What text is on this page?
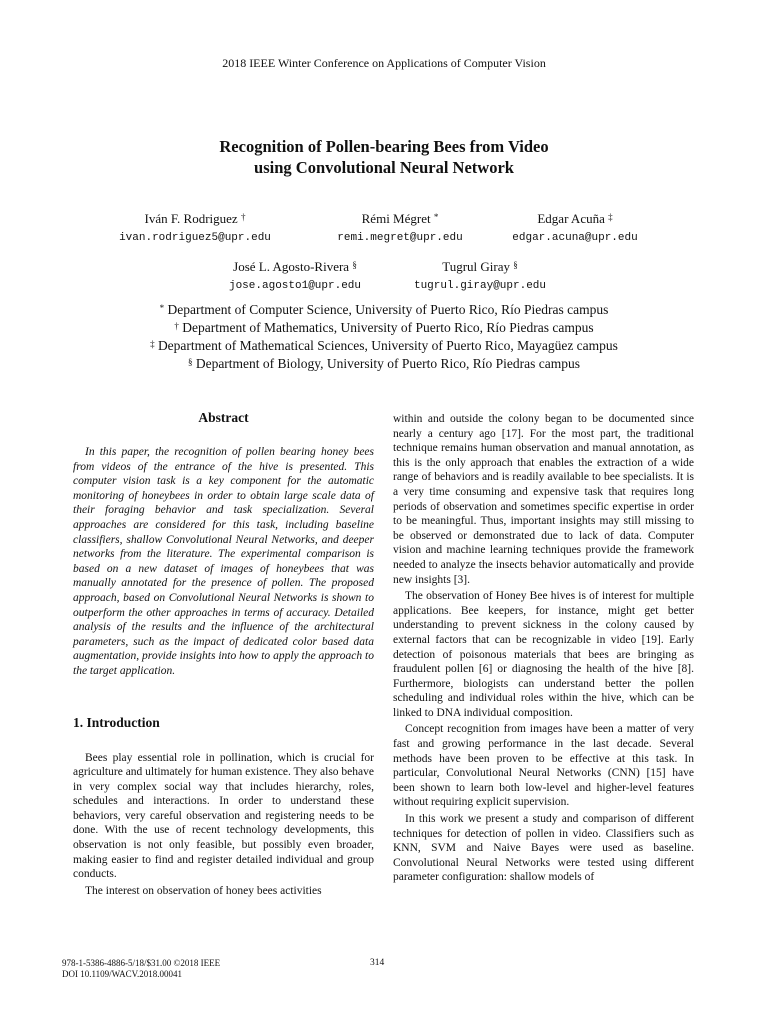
2018 IEEE Winter Conference on Applications of Computer Vision
Recognition of Pollen-bearing Bees from Video
using Convolutional Neural Network
Iván F. Rodriguez †
ivan.rodriguez5@upr.edu
Rémi Mégret *
remi.megret@upr.edu
Edgar Acuña ‡
edgar.acuna@upr.edu
José L. Agosto-Rivera §
jose.agosto1@upr.edu
Tugrul Giray §
tugrul.giray@upr.edu
* Department of Computer Science, University of Puerto Rico, Río Piedras campus
† Department of Mathematics, University of Puerto Rico, Río Piedras campus
‡ Department of Mathematical Sciences, University of Puerto Rico, Mayagüez campus
§ Department of Biology, University of Puerto Rico, Río Piedras campus
Abstract

In this paper, the recognition of pollen bearing honey bees from videos of the entrance of the hive is presented. This computer vision task is a key component for the automatic monitoring of honeybees in order to obtain large scale data of their foraging behavior and task specialization. Several approaches are considered for this task, including baseline classifiers, shallow Convolutional Neural Networks, and deeper networks from the literature. The experimental comparison is based on a new dataset of images of honeybees that was manually annotated for the presence of pollen. The proposed approach, based on Convolutional Neural Networks is shown to outperform the other approaches in terms of accuracy. Detailed analysis of the results and the influence of the architectural parameters, such as the impact of dedicated color based data augmentation, provide insights into how to apply the approach to the target application.

1. Introduction

Bees play essential role in pollination, which is crucial for agriculture and ultimately for human existence. They also behave in very complex social way that includes hierarchy, roles, schedules and interactions. In order to understand these behaviors, very careful observation and registering needs to be done. With the use of recent technology developments, this observation is not only feasible, but possibly even broader, making easier to find and register detailed individual and group conducts.

The interest on observation of honey bees activities

within and outside the colony began to be documented since nearly a century ago [17]. For the most part, the traditional technique remains human observation and manual annotation, as this is the only approach that enables the extraction of a wide range of behaviors and is readily available to bee specialists. It is a very time consuming and expensive task that requires long periods of observation and sometimes specific expertise in order to be meaningful. Thus, important insights may still missing to be observed or demonstrated due to lack of data. Computer vision and machine learning techniques provide the framework needed to analyze the insects behavior automatically and provide new insights [3].

The observation of Honey Bee hives is of interest for multiple applications. Bee keepers, for instance, might get better understanding to prevent sickness in the colony caused by external factors that can be recognizable in video [19]. Early detection of poisonous materials that bees are bringing as fraudulent pollen [6] or diagnosing the health of the hive [8]. Furthermore, biologists can understand better the pollen scheduling and individual roles within the hive, which can be linked to DNA individual composition.

Concept recognition from images have been a matter of very fast and growing performance in the last decade. Several methods have been proven to be effective at this task. In particular, Convolutional Neural Networks (CNN) [15] have been shown to learn both low-level and higher-level features without requiring explicit supervision.

In this work we present a study and comparison of different techniques for detection of pollen in video. Classifiers such as KNN, SVM and Naive Bayes were used as baseline. Convolutional Neural Networks were tested using different parameter configuration: shallow models of

978-1-5386-4886-5/18/$31.00 ©2018 IEEE
DOI 10.1109/WACV.2018.00041
314
